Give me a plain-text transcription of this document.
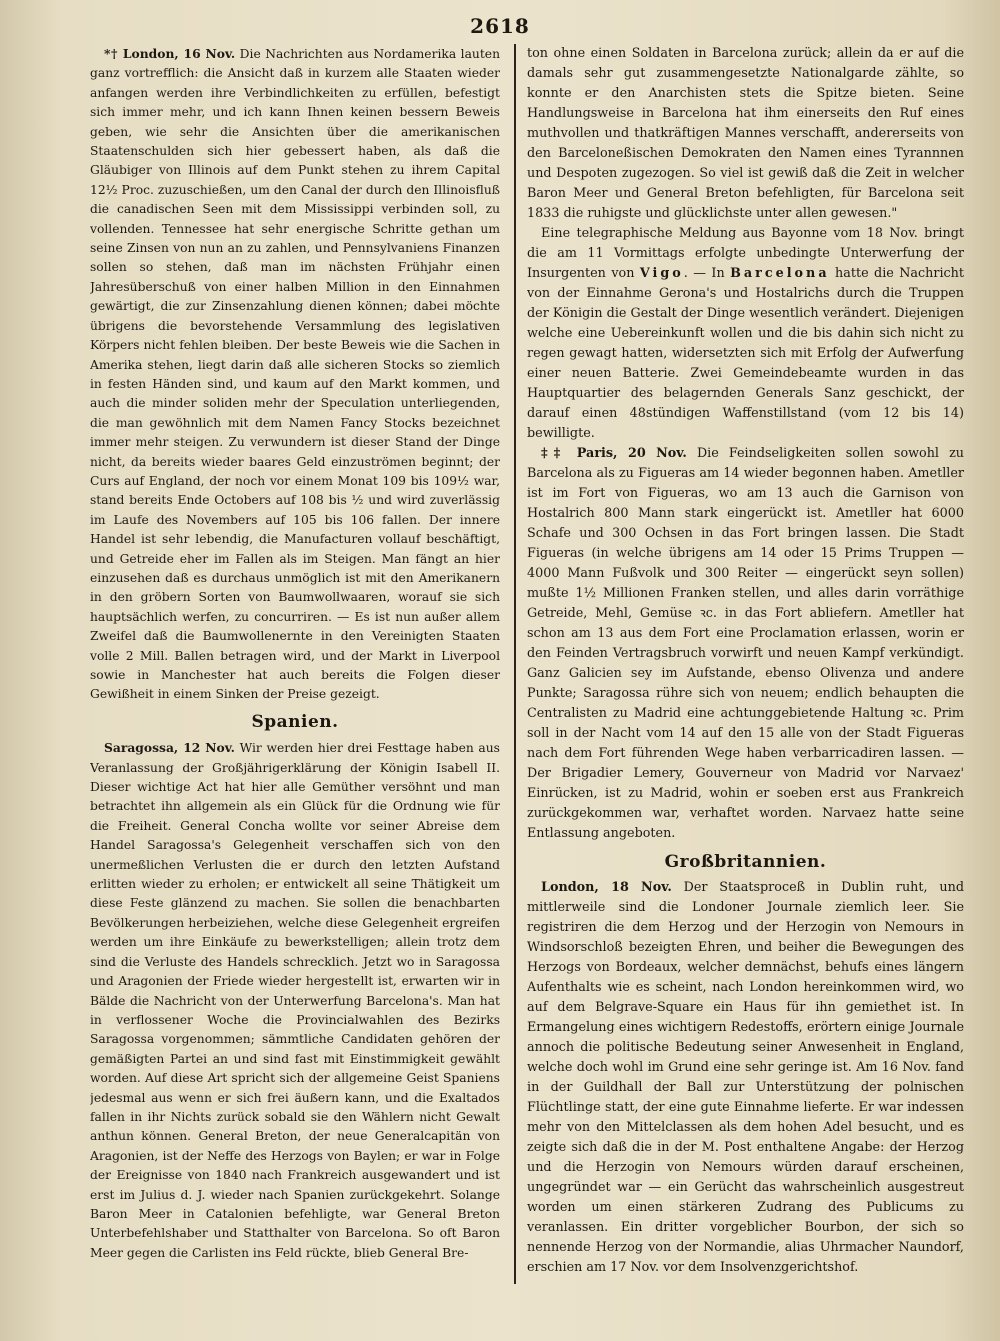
2618

*† London, 16 Nov. Die Nachrichten aus Nordamerika lauten ganz vortrefflich: die Ansicht daß in kurzem alle Staaten wieder anfangen werden ihre Verbindlichkeiten zu erfüllen, befestigt sich immer mehr, und ich kann Ihnen keinen bessern Beweis geben, wie sehr die Ansichten über die amerikanischen Staatenschulden sich hier gebessert haben, als daß die Gläubiger von Illinois auf dem Punkt stehen zu ihrem Capital 12½ Proc. zuzuschießen, um den Canal der durch den Illinoisfluß die canadischen Seen mit dem Mississippi verbinden soll, zu vollenden. Tennessee hat sehr energische Schritte gethan um seine Zinsen von nun an zu zahlen, und Pennsylvaniens Finanzen sollen so stehen, daß man im nächsten Frühjahr einen Jahresüberschuß von einer halben Million in den Einnahmen gewärtigt, die zur Zinsenzahlung dienen können; dabei möchte übrigens die bevorstehende Versammlung des legislativen Körpers nicht fehlen bleiben. Der beste Beweis wie die Sachen in Amerika stehen, liegt darin daß alle sicheren Stocks so ziemlich in festen Händen sind, und kaum auf den Markt kommen, und auch die minder soliden mehr der Speculation unterliegenden, die man gewöhnlich mit dem Namen Fancy Stocks bezeichnet immer mehr steigen. Zu verwundern ist dieser Stand der Dinge nicht, da bereits wieder baares Geld einzuströmen beginnt; der Curs auf England, der noch vor einem Monat 109 bis 109½ war, stand bereits Ende Octobers auf 108 bis ½ und wird zuverlässig im Laufe des Novembers auf 105 bis 106 fallen. Der innere Handel ist sehr lebendig, die Manufacturen vollauf beschäftigt, und Getreide eher im Fallen als im Steigen. Man fängt an hier einzusehen daß es durchaus unmöglich ist mit den Amerikanern in den gröbern Sorten von Baumwollwaaren, worauf sie sich hauptsächlich werfen, zu concurriren. — Es ist nun außer allem Zweifel daß die Baumwollenernte in den Vereinigten Staaten volle 2 Mill. Ballen betragen wird, und der Markt in Liverpool sowie in Manchester hat auch bereits die Folgen dieser Gewißheit in einem Sinken der Preise gezeigt.

Spanien.

Saragossa, 12 Nov. Wir werden hier drei Festtage haben aus Veranlassung der Großjährigerklärung der Königin Isabell II. Dieser wichtige Act hat hier alle Gemüther versöhnt und man betrachtet ihn allgemein als ein Glück für die Ordnung wie für die Freiheit. General Concha wollte vor seiner Abreise dem Handel Saragossa's Gelegenheit verschaffen sich von den unermeßlichen Verlusten die er durch den letzten Aufstand erlitten wieder zu erholen; er entwickelt all seine Thätigkeit um diese Feste glänzend zu machen. Sie sollen die benachbarten Bevölkerungen herbeiziehen, welche diese Gelegenheit ergreifen werden um ihre Einkäufe zu bewerkstelligen; allein trotz dem sind die Verluste des Handels schrecklich. Jetzt wo in Saragossa und Aragonien der Friede wieder hergestellt ist, erwarten wir in Bälde die Nachricht von der Unterwerfung Barcelona's. Man hat in verflossener Woche die Provincialwahlen des Bezirks Saragossa vorgenommen; sämmtliche Candidaten gehören der gemäßigten Partei an und sind fast mit Einstimmigkeit gewählt worden. Auf diese Art spricht sich der allgemeine Geist Spaniens jedesmal aus wenn er sich frei äußern kann, und die Exaltados fallen in ihr Nichts zurück sobald sie den Wählern nicht Gewalt anthun können. General Breton, der neue Generalcapitän von Aragonien, ist der Neffe des Herzogs von Baylen; er war in Folge der Ereignisse von 1840 nach Frankreich ausgewandert und ist erst im Julius d. J. wieder nach Spanien zurückgekehrt. Solange Baron Meer in Catalonien befehligte, war General Breton Unterbefehlshaber und Statthalter von Barcelona. So oft Baron Meer gegen die Carlisten ins Feld rückte, blieb General Bre-

ton ohne einen Soldaten in Barcelona zurück; allein da er auf die damals sehr gut zusammengesetzte Nationalgarde zählte, so konnte er den Anarchisten stets die Spitze bieten. Seine Handlungsweise in Barcelona hat ihm einerseits den Ruf eines muthvollen und thatkräftigen Mannes verschafft, andererseits von den Barceloneßischen Demokraten den Namen eines Tyrannnen und Despoten zugezogen. So viel ist gewiß daß die Zeit in welcher Baron Meer und General Breton befehligten, für Barcelona seit 1833 die ruhigste und glücklichste unter allen gewesen."

Eine telegraphische Meldung aus Bayonne vom 18 Nov. bringt die am 11 Vormittags erfolgte unbedingte Unterwerfung der Insurgenten von Vigo. — In Barcelona hatte die Nachricht von der Einnahme Gerona's und Hostalrichs durch die Truppen der Königin die Gestalt der Dinge wesentlich verändert. Diejenigen welche eine Uebereinkunft wollen und die bis dahin sich nicht zu regen gewagt hatten, widersetzten sich mit Erfolg der Aufwerfung einer neuen Batterie. Zwei Gemeindebeamte wurden in das Hauptquartier des belagernden Generals Sanz geschickt, der darauf einen 48stündigen Waffenstillstand (vom 12 bis 14) bewilligte.

‡‡ Paris, 20 Nov. Die Feindseligkeiten sollen sowohl zu Barcelona als zu Figueras am 14 wieder begonnen haben. Ametller ist im Fort von Figueras, wo am 13 auch die Garnison von Hostalrich 800 Mann stark eingerückt ist. Ametller hat 6000 Schafe und 300 Ochsen in das Fort bringen lassen. Die Stadt Figueras (in welche übrigens am 14 oder 15 Prims Truppen — 4000 Mann Fußvolk und 300 Reiter — eingerückt seyn sollen) mußte 1½ Millionen Franken stellen, und alles darin vorräthige Getreide, Mehl, Gemüse ꝛc. in das Fort abliefern. Ametller hat schon am 13 aus dem Fort eine Proclamation erlassen, worin er den Feinden Vertragsbruch vorwirft und neuen Kampf verkündigt. Ganz Galicien sey im Aufstande, ebenso Olivenza und andere Punkte; Saragossa rühre sich von neuem; endlich behaupten die Centralisten zu Madrid eine achtunggebietende Haltung ꝛc. Prim soll in der Nacht vom 14 auf den 15 alle von der Stadt Figueras nach dem Fort führenden Wege haben verbarricadiren lassen. — Der Brigadier Lemery, Gouverneur von Madrid vor Narvaez' Einrücken, ist zu Madrid, wohin er soeben erst aus Frankreich zurückgekommen war, verhaftet worden. Narvaez hatte seine Entlassung angeboten.

Großbritannien.

London, 18 Nov. Der Staatsproceß in Dublin ruht, und mittlerweile sind die Londoner Journale ziemlich leer. Sie registriren die dem Herzog und der Herzogin von Nemours in Windsorschloß bezeigten Ehren, und beiher die Bewegungen des Herzogs von Bordeaux, welcher demnächst, behufs eines längern Aufenthalts wie es scheint, nach London hereinkommen wird, wo auf dem Belgrave-Square ein Haus für ihn gemiethet ist. In Ermangelung eines wichtigern Redestoffs, erörtern einige Journale annoch die politische Bedeutung seiner Anwesenheit in England, welche doch wohl im Grund eine sehr geringe ist. Am 16 Nov. fand in der Guildhall der Ball zur Unterstützung der polnischen Flüchtlinge statt, der eine gute Einnahme lieferte. Er war indessen mehr von den Mittelclassen als dem hohen Adel besucht, und es zeigte sich daß die in der M. Post enthaltene Angabe: der Herzog und die Herzogin von Nemours würden darauf erscheinen, ungegründet war — ein Gerücht das wahrscheinlich ausgestreut worden um einen stärkeren Zudrang des Publicums zu veranlassen. Ein dritter vorgeblicher Bourbon, der sich so nennende Herzog von der Normandie, alias Uhrmacher Naundorf, erschien am 17 Nov. vor dem Insolvenzgerichtshof.
